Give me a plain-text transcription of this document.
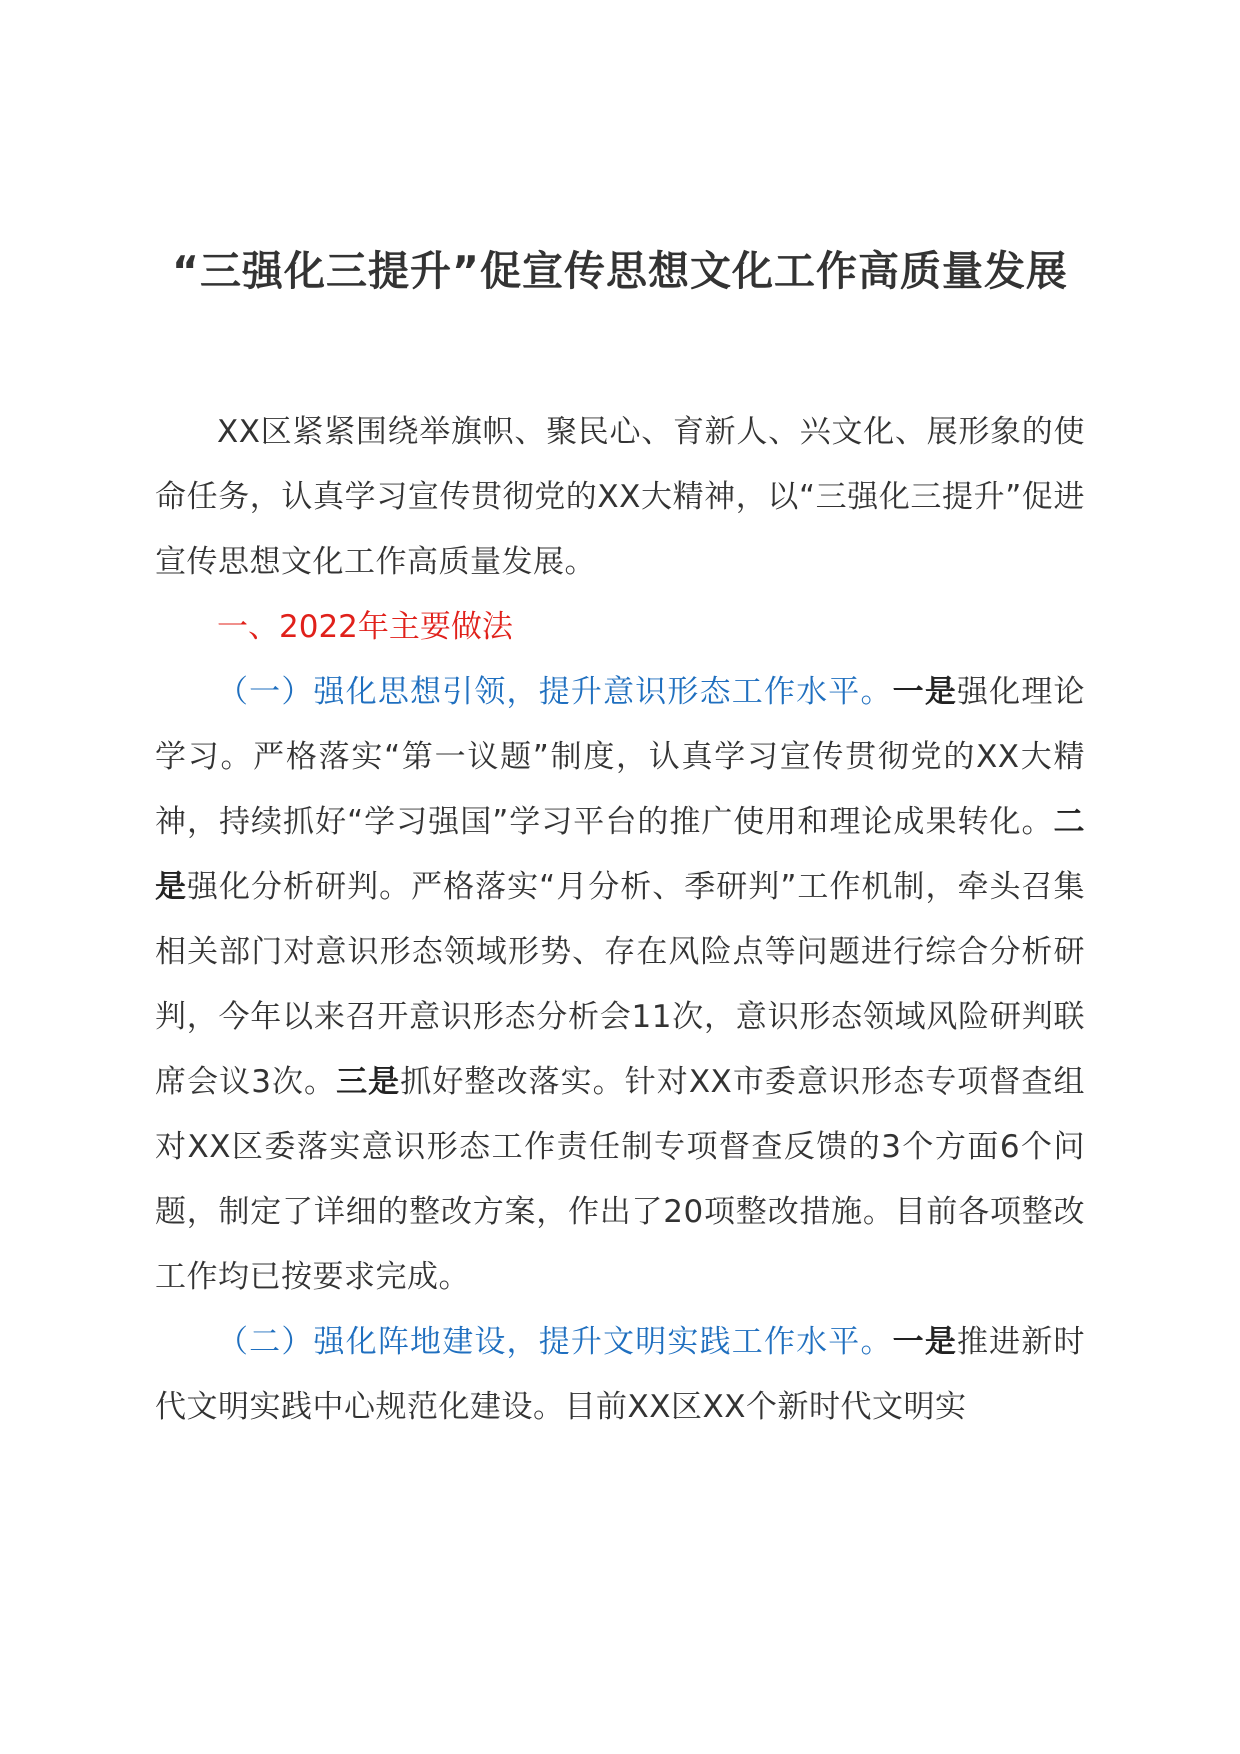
“三强化三提升”促宣传思想文化工作高质量发展

XX区紧紧围绕举旗帜、聚民心、育新人、兴文化、展形象的使命任务，认真学习宣传贯彻党的XX大精神，以“三强化三提升”促进宣传思想文化工作高质量发展。

一、2022年主要做法

（一）强化思想引领，提升意识形态工作水平。一是强化理论学习。严格落实“第一议题”制度，认真学习宣传贯彻党的XX大精神，持续抓好“学习强国”学习平台的推广使用和理论成果转化。二是强化分析研判。严格落实“月分析、季研判”工作机制，牵头召集相关部门对意识形态领域形势、存在风险点等问题进行综合分析研判，今年以来召开意识形态分析会11次，意识形态领域风险研判联席会议3次。三是抓好整改落实。针对XX市委意识形态专项督查组对XX区委落实意识形态工作责任制专项督查反馈的3个方面6个问题，制定了详细的整改方案，作出了20项整改措施。目前各项整改工作均已按要求完成。

（二）强化阵地建设，提升文明实践工作水平。一是推进新时代文明实践中心规范化建设。目前XX区XX个新时代文明实
